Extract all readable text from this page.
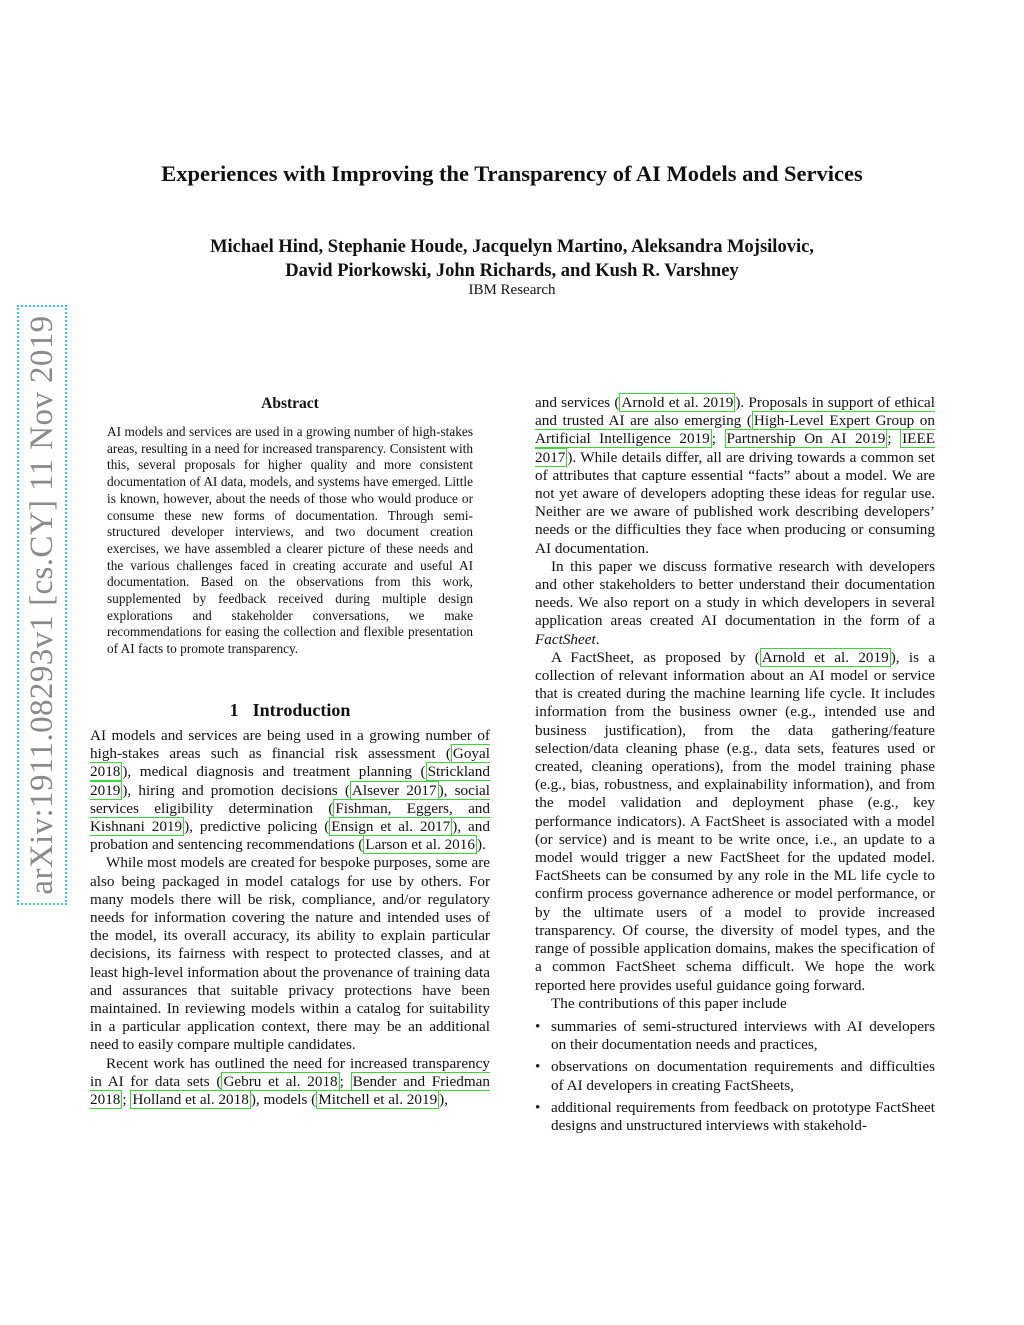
arXiv:1911.08293v1 [cs.CY] 11 Nov 2019
Experiences with Improving the Transparency of AI Models and Services
Michael Hind, Stephanie Houde, Jacquelyn Martino, Aleksandra Mojsilovic,
David Piorkowski, John Richards, and Kush R. Varshney
IBM Research
Abstract
AI models and services are used in a growing number of high-stakes areas, resulting in a need for increased transparency. Consistent with this, several proposals for higher quality and more consistent documentation of AI data, models, and systems have emerged. Little is known, however, about the needs of those who would produce or consume these new forms of documentation. Through semi-structured developer interviews, and two document creation exercises, we have assembled a clearer picture of these needs and the various challenges faced in creating accurate and useful AI documentation. Based on the observations from this work, supplemented by feedback received during multiple design explorations and stakeholder conversations, we make recommendations for easing the collection and flexible presentation of AI facts to promote transparency.
1 Introduction

AI models and services are being used in a growing number of high-stakes areas such as financial risk assessment ( Goyal 2018 ), medical diagnosis and treatment planning ( Strickland 2019 ), hiring and promotion decisions ( Alsever 2017 ), social services eligibility determination ( Fishman, Eggers, and Kishnani 2019 ), predictive policing ( Ensign et al. 2017 ), and probation and sentencing recommendations ( Larson et al. 2016 ).

While most models are created for bespoke purposes, some are also being packaged in model catalogs for use by others. For many models there will be risk, compliance, and/or regulatory needs for information covering the nature and intended uses of the model, its overall accuracy, its ability to explain particular decisions, its fairness with respect to protected classes, and at least high-level information about the provenance of training data and assurances that suitable privacy protections have been maintained. In reviewing models within a catalog for suitability in a particular application context, there may be an additional need to easily compare multiple candidates.

Recent work has outlined the need for increased transparency in AI for data sets ( Gebru et al. 2018 ; Bender and Friedman 2018 ; Holland et al. 2018 ), models ( Mitchell et al. 2019 ),

and services ( Arnold et al. 2019 ). Proposals in support of ethical and trusted AI are also emerging ( High-Level Expert Group on Artificial Intelligence 2019 ; Partnership On AI 2019 ; IEEE 2017 ). While details differ, all are driving towards a common set of attributes that capture essential “facts” about a model. We are not yet aware of developers adopting these ideas for regular use. Neither are we aware of published work describing developers’ needs or the difficulties they face when producing or consuming AI documentation.

In this paper we discuss formative research with developers and other stakeholders to better understand their documentation needs. We also report on a study in which developers in several application areas created AI documentation in the form of a FactSheet.

A FactSheet, as proposed by ( Arnold et al. 2019 ), is a collection of relevant information about an AI model or service that is created during the machine learning life cycle. It includes information from the business owner (e.g., intended use and business justification), from the data gathering/feature selection/data cleaning phase (e.g., data sets, features used or created, cleaning operations), from the model training phase (e.g., bias, robustness, and explainability information), and from the model validation and deployment phase (e.g., key performance indicators). A FactSheet is associated with a model (or service) and is meant to be write once, i.e., an update to a model would trigger a new FactSheet for the updated model. FactSheets can be consumed by any role in the ML life cycle to confirm process governance adherence or model performance, or by the ultimate users of a model to provide increased transparency. Of course, the diversity of model types, and the range of possible application domains, makes the specification of a common FactSheet schema difficult. We hope the work reported here provides useful guidance going forward.

The contributions of this paper include

• summaries of semi-structured interviews with AI developers on their documentation needs and practices,
• observations on documentation requirements and difficulties of AI developers in creating FactSheets,
• additional requirements from feedback on prototype FactSheet designs and unstructured interviews with stakehold-
